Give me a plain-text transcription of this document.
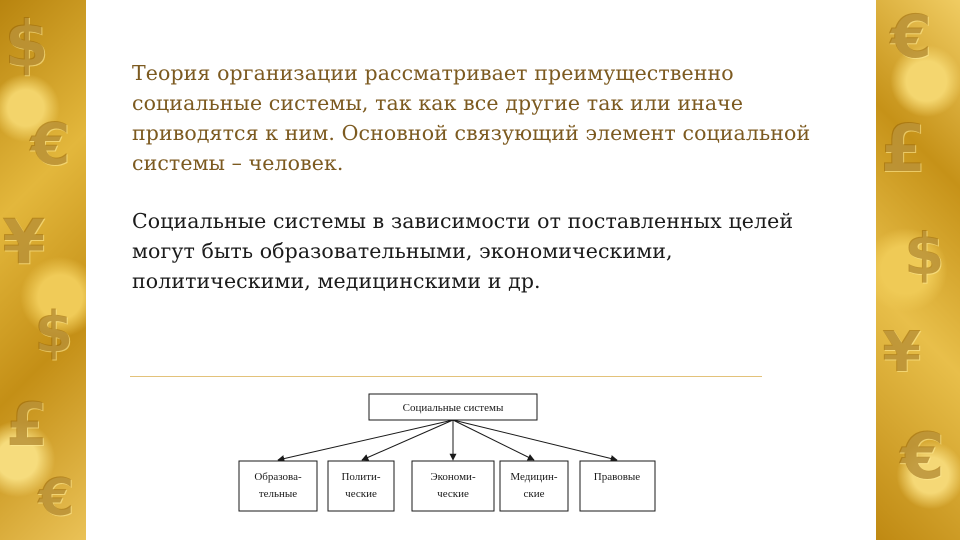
$
€
¥
$
£
€
€
£
$
¥
€

Теория организации рассматривает преимущественно социальные системы, так как все другие так или иначе приводятся к ним. Основной связующий элемент социальной системы – человек.

Социальные системы в зависимости от поставленных целей могут быть образовательными, экономическими, политическими, медицинскими и др.

Социальные системы
Образова-
тельные
Полити-
ческие
Экономи-
ческие
Медицин-
ские
Правовые
